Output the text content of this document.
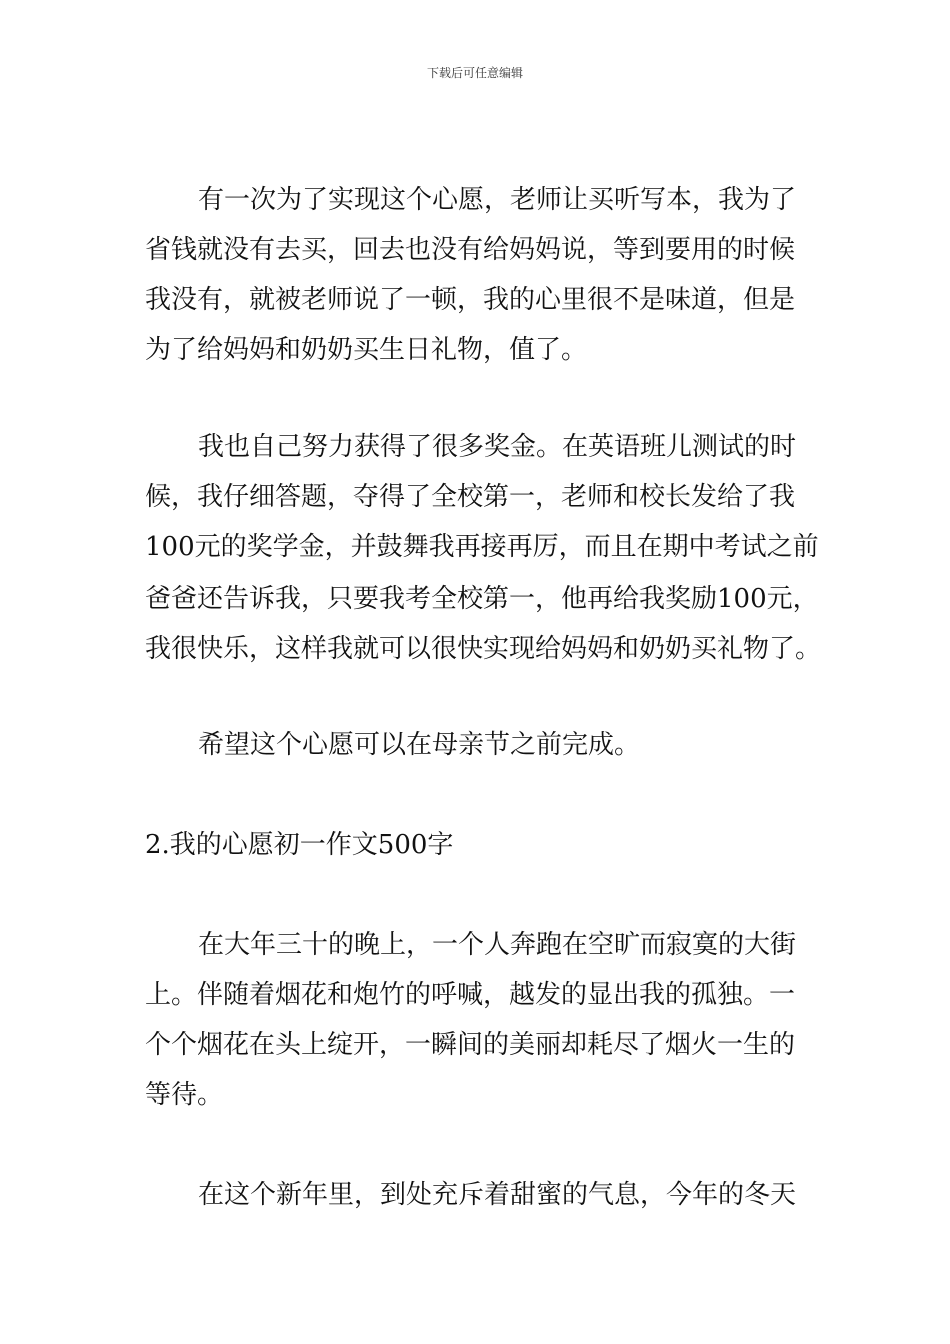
下载后可任意编辑
有一次为了实现这个心愿，老师让买听写本，我为了
省钱就没有去买，回去也没有给妈妈说，等到要用的时候
我没有，就被老师说了一顿，我的心里很不是味道，但是
为了给妈妈和奶奶买生日礼物，值了。
我也自己努力获得了很多奖金。在英语班儿测试的时
候，我仔细答题，夺得了全校第一，老师和校长发给了我
100元的奖学金，并鼓舞我再接再厉，而且在期中考试之前
爸爸还告诉我，只要我考全校第一，他再给我奖励100元，
我很快乐，这样我就可以很快实现给妈妈和奶奶买礼物了。
希望这个心愿可以在母亲节之前完成。
2.我的心愿初一作文500字
在大年三十的晚上，一个人奔跑在空旷而寂寞的大街
上。伴随着烟花和炮竹的呼喊，越发的显出我的孤独。一
个个烟花在头上绽开，一瞬间的美丽却耗尽了烟火一生的
等待。
在这个新年里，到处充斥着甜蜜的气息，今年的冬天
